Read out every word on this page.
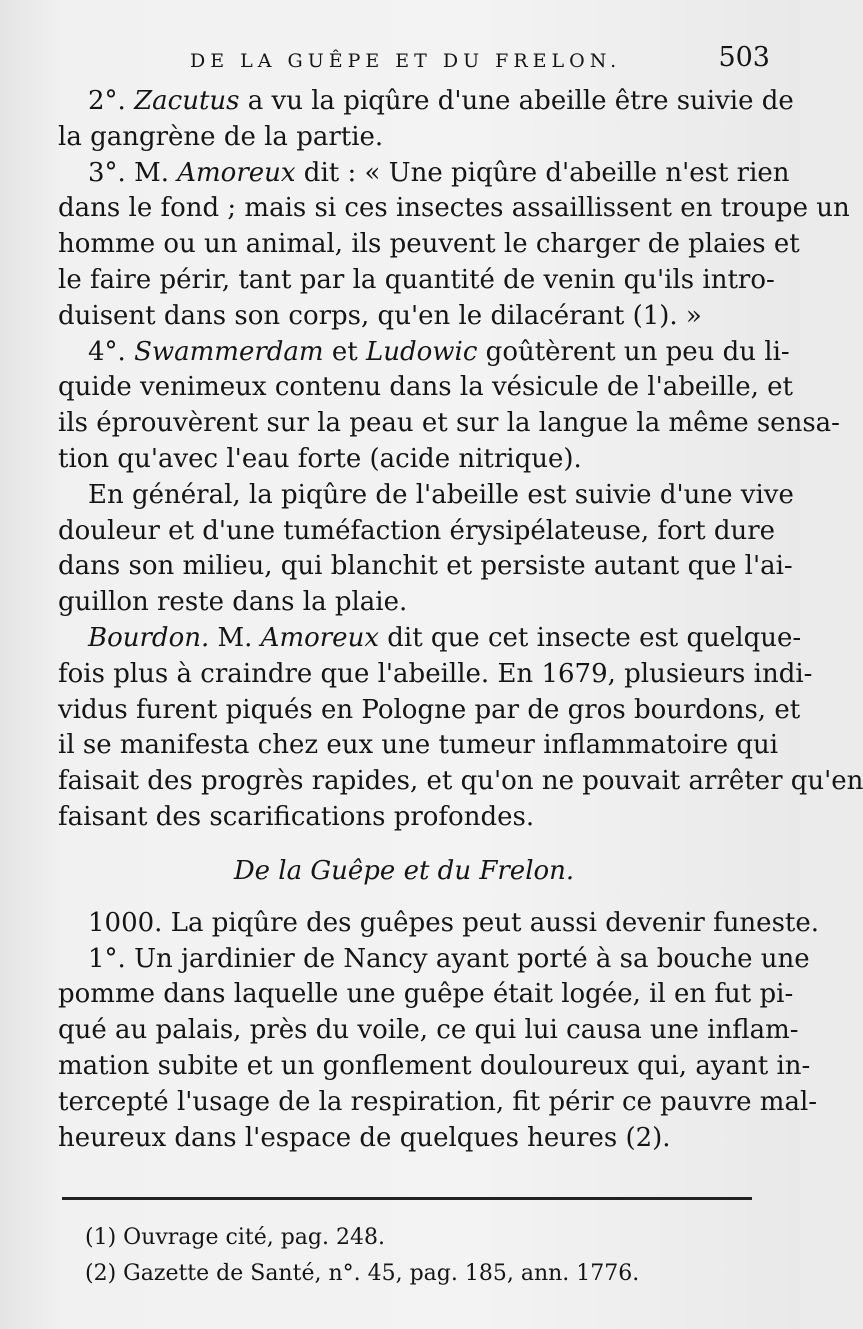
DE LA GUÊPE ET DU FRELON.	503
2°. Zacutus a vu la piqûre d'une abeille être suivie de
la gangrène de la partie.
3°. M. Amoreux dit : « Une piqûre d'abeille n'est rien
dans le fond ; mais si ces insectes assaillissent en troupe un
homme ou un animal, ils peuvent le charger de plaies et
le faire périr, tant par la quantité de venin qu'ils intro-
duisent dans son corps, qu'en le dilacérant (1). »
4°. Swammerdam et Ludowic goûtèrent un peu du li-
quide venimeux contenu dans la vésicule de l'abeille, et
ils éprouvèrent sur la peau et sur la langue la même sensa-
tion qu'avec l'eau forte (acide nitrique).
En général, la piqûre de l'abeille est suivie d'une vive
douleur et d'une tuméfaction érysipélateuse, fort dure
dans son milieu, qui blanchit et persiste autant que l'ai-
guillon reste dans la plaie.
Bourdon. M. Amoreux dit que cet insecte est quelque-
fois plus à craindre que l'abeille. En 1679, plusieurs indi-
vidus furent piqués en Pologne par de gros bourdons, et
il se manifesta chez eux une tumeur inflammatoire qui
faisait des progrès rapides, et qu'on ne pouvait arrêter qu'en
faisant des scarifications profondes.
De la Guêpe et du Frelon.
1000. La piqûre des guêpes peut aussi devenir funeste.
1°. Un jardinier de Nancy ayant porté à sa bouche une
pomme dans laquelle une guêpe était logée, il en fut pi-
qué au palais, près du voile, ce qui lui causa une inflam-
mation subite et un gonflement douloureux qui, ayant in-
tercepté l'usage de la respiration, fit périr ce pauvre mal-
heureux dans l'espace de quelques heures (2).
(1) Ouvrage cité, pag. 248.
(2) Gazette de Santé, n°. 45, pag. 185, ann. 1776.
